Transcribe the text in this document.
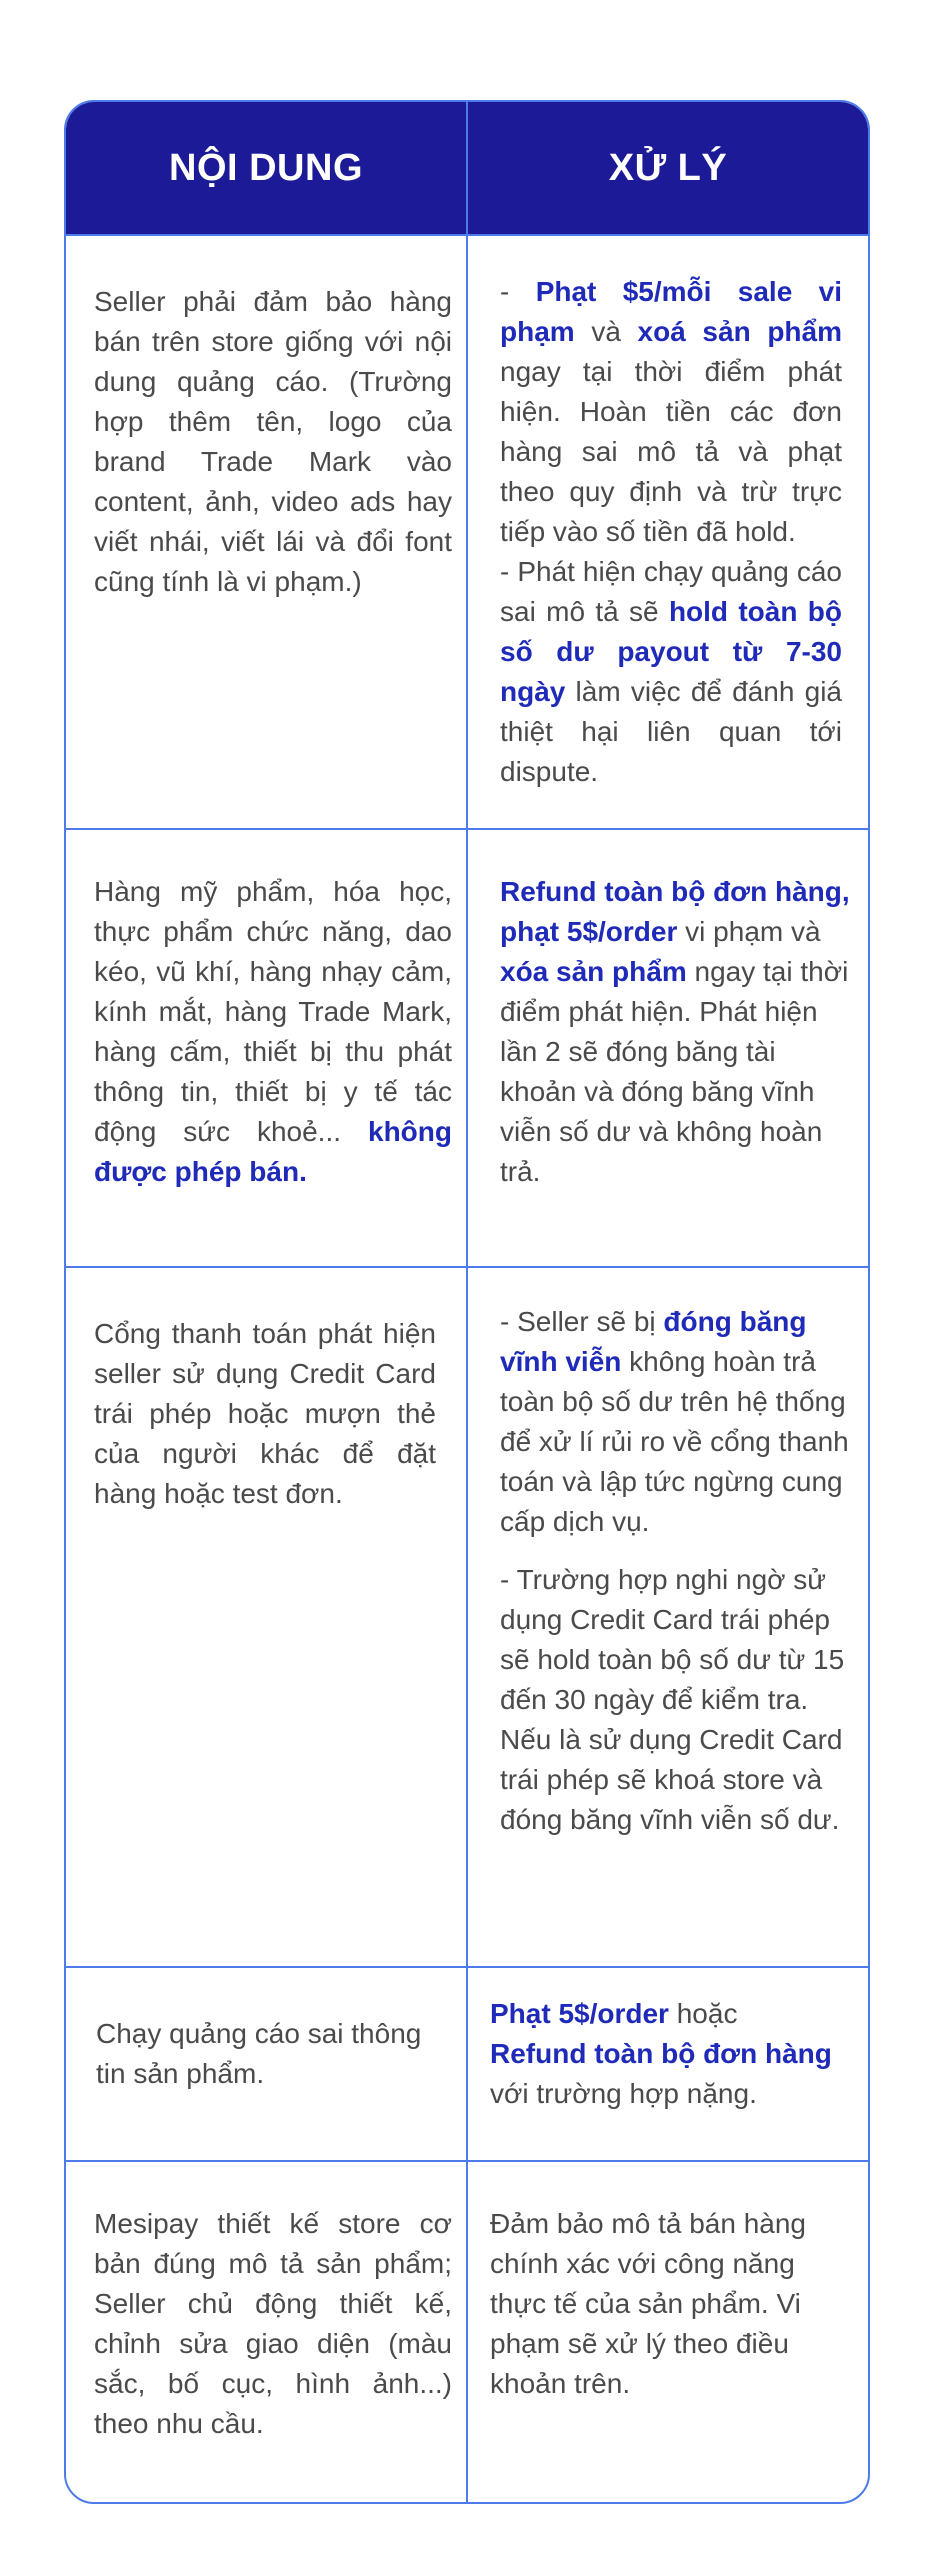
NỘI DUNG	XỬ LÝ

Seller phải đảm bảo hàng bán trên store giống với nội dung quảng cáo. (Trường hợp thêm tên, logo của brand Trade Mark vào content, ảnh, video ads hay viết nhái, viết lái và đổi font cũng tính là vi phạm.)

- Phạt $5/mỗi sale vi phạm và xoá sản phẩm ngay tại thời điểm phát hiện. Hoàn tiền các đơn hàng sai mô tả và phạt theo quy định và trừ trực tiếp vào số tiền đã hold.

- Phát hiện chạy quảng cáo sai mô tả sẽ hold toàn bộ số dư payout từ 7-30 ngày làm việc để đánh giá thiệt hại liên quan tới dispute.

Hàng mỹ phẩm, hóa học, thực phẩm chức năng, dao kéo, vũ khí, hàng nhạy cảm, kính mắt, hàng Trade Mark, hàng cấm, thiết bị thu phát thông tin, thiết bị y tế tác động sức khoẻ... không được phép bán.

Refund toàn bộ đơn hàng, phạt 5$/order vi phạm và xóa sản phẩm ngay tại thời điểm phát hiện. Phát hiện lần 2 sẽ đóng băng tài khoản và đóng băng vĩnh viễn số dư và không hoàn trả.

Cổng thanh toán phát hiện seller sử dụng Credit Card trái phép hoặc mượn thẻ của người khác để đặt hàng hoặc test đơn.

- Seller sẽ bị đóng băng vĩnh viễn không hoàn trả toàn bộ số dư trên hệ thống để xử lí rủi ro về cổng thanh toán và lập tức ngừng cung cấp dịch vụ.

- Trường hợp nghi ngờ sử dụng Credit Card trái phép sẽ hold toàn bộ số dư từ 15 đến 30 ngày để kiểm tra. Nếu là sử dụng Credit Card trái phép sẽ khoá store và đóng băng vĩnh viễn số dư.

Chạy quảng cáo sai thông tin sản phẩm.

Phạt 5$/order hoặc
Refund toàn bộ đơn hàng
với trường hợp nặng.

Mesipay thiết kế store cơ bản đúng mô tả sản phẩm; Seller chủ động thiết kế, chỉnh sửa giao diện (màu sắc, bố cục, hình ảnh...) theo nhu cầu.

Đảm bảo mô tả bán hàng chính xác với công năng thực tế của sản phẩm. Vi phạm sẽ xử lý theo điều khoản trên.
